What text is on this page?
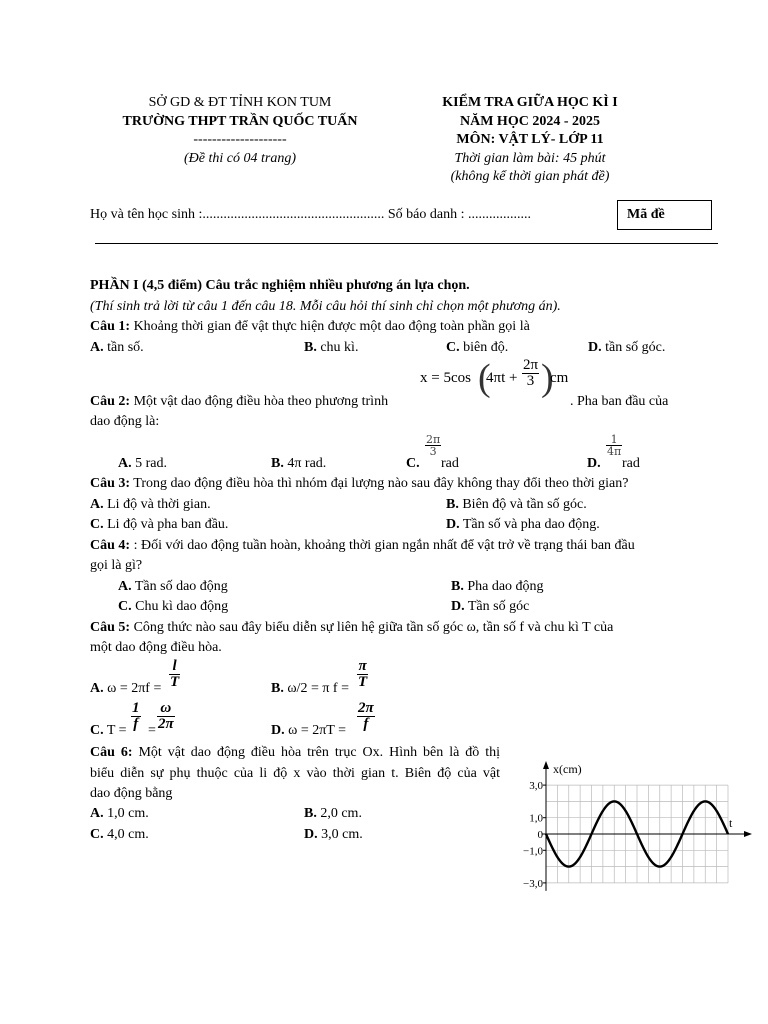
SỞ GD & ĐT TỈNH KON TUM
TRƯỜNG THPT TRẦN QUỐC TUẤN
--------------------
(Đề thi có 04 trang)
KIỂM TRA GIỮA HỌC KÌ I
NĂM HỌC 2024 - 2025
MÔN: VẬT LÝ- LỚP 11
Thời gian làm bài: 45 phút
(không kể thời gian phát đề)
Họ và tên học sinh :.................................................... Số báo danh : ..................	Mã đề
PHẦN I (4,5 điểm) Câu trắc nghiệm nhiều phương án lựa chọn.
(Thí sinh trả lời từ câu 1 đến câu 18. Mỗi câu hỏi thí sinh chỉ chọn một phương án).
Câu 1: Khoảng thời gian để vật thực hiện được một dao động toàn phần gọi là
A. tần số.	B. chu kì.	C. biên độ.	D. tần số góc.
x = 5cos (
$4\pi t + \frac{2\pi}{3}$ )
cm
Câu 2: Một vật dao động điều hòa theo phương trình	. Pha ban đầu của
dao động là:
A. 5 rad.	B. 4π rad.	C.
$\frac{2\pi}{3}$
rad	D.
$\frac{1}{4\pi}$
rad
Câu 3: Trong dao động điều hòa thì nhóm đại lượng nào sau đây không thay đổi theo thời gian?
A. Li độ và thời gian.	B. Biên độ và tần số góc.
C. Li độ và pha ban đầu.	D. Tần số và pha dao động.
Câu 4: : Đối với dao động tuần hoàn, khoảng thời gian ngắn nhất để vật trở về trạng thái ban đầu
gọi là gì?
A. Tần số dao động	B. Pha dao động
C. Chu kì dao động	D. Tần số góc
Câu 5: Công thức nào sau đây biểu diễn sự liên hệ giữa tần số góc ω, tần số f và chu kì T của
một dao động điều hòa.
A. $\omega = 2\pi f = \frac{l}{T}$	B. ω/2 = π $f = \frac{\pi}{T}$
C. $T = \frac{1}{f} = \frac{\omega}{2\pi}$	D. $\omega = 2\pi T = \frac{2\pi}{f}$
Câu 6: Một vật dao động điều hòa trên trục Ox. Hình bên là đồ thị
biểu diễn sự phụ thuộc của li độ x vào thời gian t. Biên độ của vật
dao động bằng
A. 1,0 cm.	B. 2,0 cm.
C. 4,0 cm.	D. 3,0 cm.
3,0
1,0
0
−1,0
−3,0
x(cm)
t
